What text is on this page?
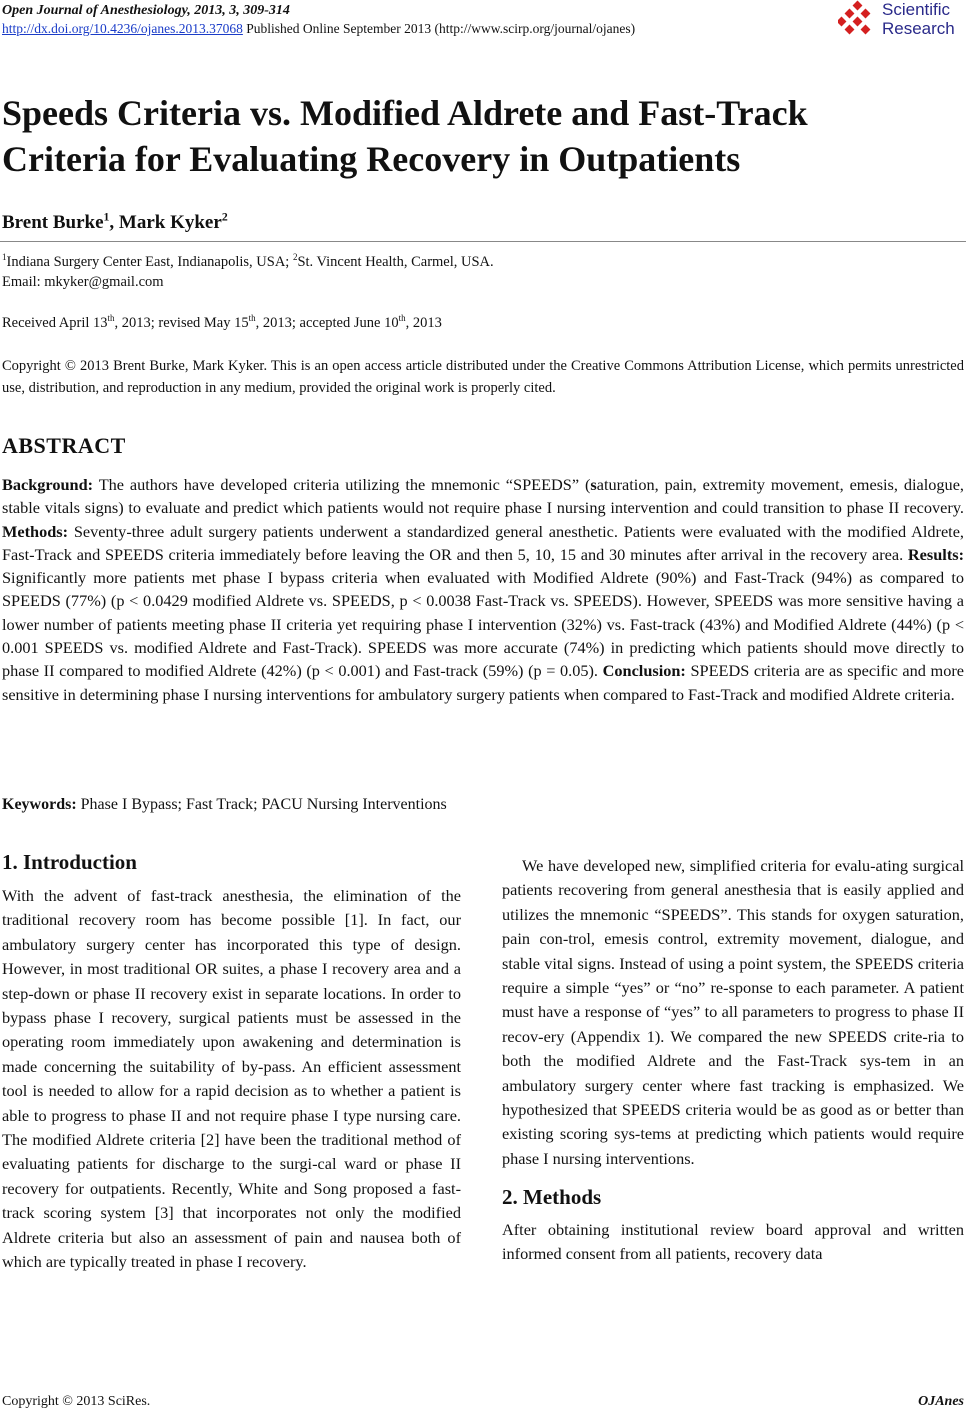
Open Journal of Anesthesiology, 2013, 3, 309-314
http://dx.doi.org/10.4236/ojanes.2013.37068 Published Online September 2013 (http://www.scirp.org/journal/ojanes)
Scientific
Research
Speeds Criteria vs. Modified Aldrete and Fast-Track
Criteria for Evaluating Recovery in Outpatients
Brent Burke$^1$, Mark Kyker$^2$
$^1$Indiana Surgery Center East, Indianapolis, USA; $^2$St. Vincent Health, Carmel, USA.
Email: mkyker@gmail.com
Received April 13th, 2013; revised May 15th, 2013; accepted June 10th, 2013
Copyright © 2013 Brent Burke, Mark Kyker. This is an open access article distributed under the Creative Commons Attribution License, which permits unrestricted use, distribution, and reproduction in any medium, provided the original work is properly cited.
ABSTRACT
Background: The authors have developed criteria utilizing the mnemonic “SPEEDS” (saturation, pain, extremity movement, emesis, dialogue, stable vitals signs) to evaluate and predict which patients would not require phase I nursing intervention and could transition to phase II recovery. Methods: Seventy-three adult surgery patients underwent a standardized general anesthetic. Patients were evaluated with the modified Aldrete, Fast-Track and SPEEDS criteria immediately before leaving the OR and then 5, 10, 15 and 30 minutes after arrival in the recovery area. Results: Significantly more patients met phase I bypass criteria when evaluated with Modified Aldrete (90%) and Fast-Track (94%) as compared to SPEEDS (77%) (p < 0.0429 modified Aldrete vs. SPEEDS, p < 0.0038 Fast-Track vs. SPEEDS). However, SPEEDS was more sensitive having a lower number of patients meeting phase II criteria yet requiring phase I intervention (32%) vs. Fast-track (43%) and Modified Aldrete (44%) (p < 0.001 SPEEDS vs. modified Aldrete and Fast-Track). SPEEDS was more accurate (74%) in predicting which patients should move directly to phase II compared to modified Aldrete (42%) (p < 0.001) and Fast-track (59%) (p = 0.05). Conclusion: SPEEDS criteria are as specific and more sensitive in determining phase I nursing interventions for ambulatory surgery patients when compared to Fast-Track and modified Aldrete criteria.
Keywords: Phase I Bypass; Fast Track; PACU Nursing Interventions
1. Introduction
With the advent of fast-track anesthesia, the elimination of the traditional recovery room has become possible [1]. In fact, our ambulatory surgery center has incorporated this type of design. However, in most traditional OR suites, a phase I recovery area and a step-down or phase II recovery exist in separate locations. In order to bypass phase I recovery, surgical patients must be assessed in the operating room immediately upon awakening and determination is made concerning the suitability of by-pass. An efficient assessment tool is needed to allow for a rapid decision as to whether a patient is able to progress to phase II and not require phase I type nursing care. The modified Aldrete criteria [2] have been the traditional method of evaluating patients for discharge to the surgi-cal ward or phase II recovery for outpatients. Recently, White and Song proposed a fast-track scoring system [3] that incorporates not only the modified Aldrete criteria but also an assessment of pain and nausea both of which are typically treated in phase I recovery.
We have developed new, simplified criteria for evalu-ating surgical patients recovering from general anesthesia that is easily applied and utilizes the mnemonic “SPEEDS”. This stands for oxygen saturation, pain con-trol, emesis control, extremity movement, dialogue, and stable vital signs. Instead of using a point system, the SPEEDS criteria require a simple “yes” or “no” re-sponse to each parameter. A patient must have a response of “yes” to all parameters to progress to phase II recov-ery (Appendix 1). We compared the new SPEEDS crite-ria to both the modified Aldrete and the Fast-Track sys-tem in an ambulatory surgery center where fast tracking is emphasized. We hypothesized that SPEEDS criteria would be as good as or better than existing scoring sys-tems at predicting which patients would require phase I nursing interventions.
2. Methods
After obtaining institutional review board approval and written informed consent from all patients, recovery data
Copyright © 2013 SciRes.	OJAnes
